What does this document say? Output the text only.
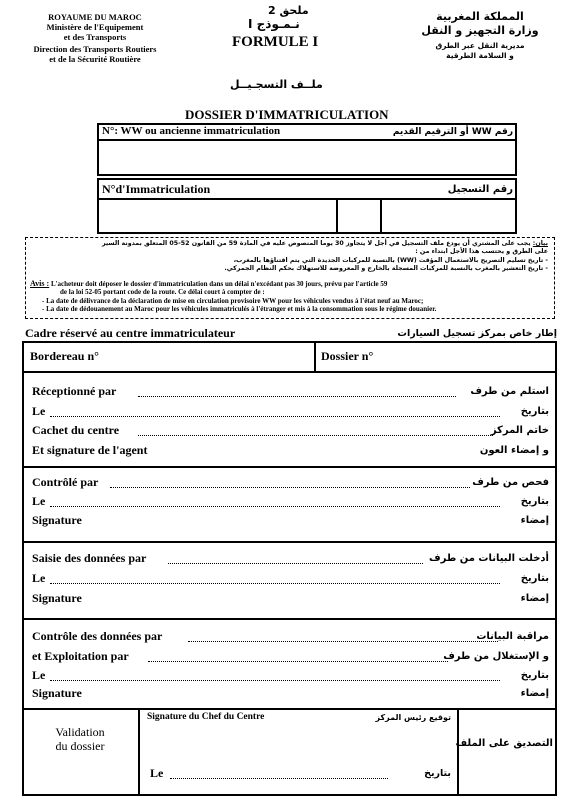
ROYAUME DU MAROC
Ministère de l'Equipement
et des Transports
Direction des Transports Routiers
et de la Sécurité Routière
ملحق 2
نـمـوذج I
FORMULE I
المملكة المغربية
وزارة التجهيز و النقل
مديرية النقل عبر الطرق
و السلامة الطرقية
ملــف التسجـيــل
DOSSIER D'IMMATRICULATION
N°: WW ou ancienne immatriculation	رقم WW أو الترقيم القديم
N°d'Immatriculation	رقم التسجيل
بيان: يجب على المشتري أن يودع ملف التسجيل في أجل لا يتجاوز 30 يوما المنصوص عليه في المادة 59 من القانون 52-05 المتعلق بمدونة السير
على الطرق و يحتسب هذا الأجل ابتداء من :
- تاريخ تسليم التصريح بالاستعمال المؤقت (WW) بالنسبة للمركبات الجديدة التي يتم اقتناؤها بالمغرب،
- تاريخ التعشير بالمغرب بالنسبة للمركبات المسجلة بالخارج و المعروضة للاستهلاك بحكم النظام الجمركي.
Avis : L'acheteur doit déposer le dossier d'immatriculation dans un délai n'excédant pas 30 jours, prévu par l'article 59
de la loi 52-05 portant code de la route. Ce délai court à compter de :
- La date de délivrance de la déclaration de mise en circulation provisoire WW pour les véhicules vendus à l'état neuf au Maroc;
- La date de dédouanement au Maroc pour les véhicules immatriculés à l'étranger et mis à la consommation sous le régime douanier.
Cadre réservé au centre immatriculateur	إطار خاص بمركز تسجيل السيارات
Bordereau n°	Dossier n°
Réceptionné par	استلم من طرف
Le	بتاريخ
Cachet du centre	خاتم المركز
Et signature de l'agent	و إمضاء العون
Contrôlé par	فحص من طرف
Le	بتاريخ
Signature	إمضاء
Saisie des données par	أدخلت البيانات من طرف
Le	بتاريخ
Signature	إمضاء
Contrôle des données par	مراقبة البيانات
et Exploitation par	و الإستغلال من طرف
Le	بتاريخ
Signature	إمضاء
Validation
du dossier	التصديق على الملف
Signature du Chef du Centre	توقيع رئيس المركز
Le	بتاريخ
